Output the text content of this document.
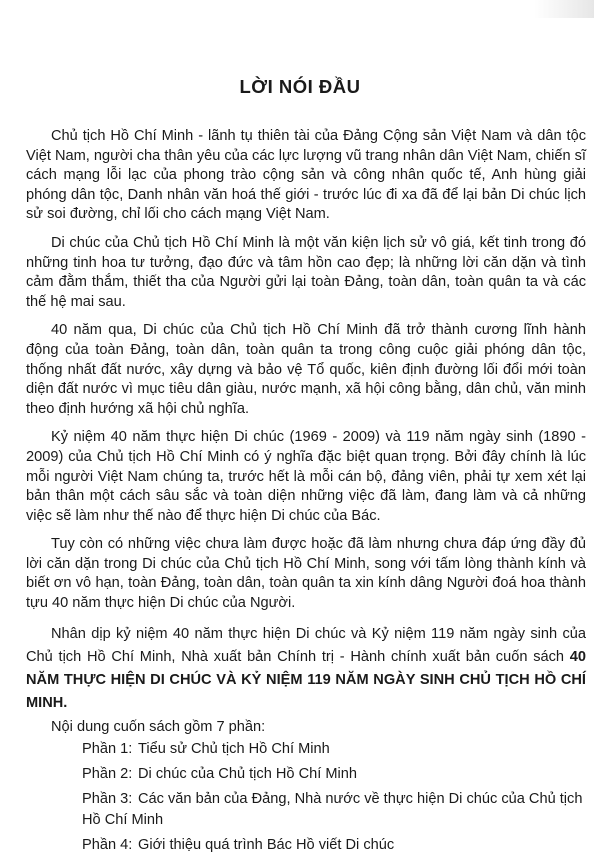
LỜI NÓI ĐẦU

Chủ tịch Hồ Chí Minh - lãnh tụ thiên tài của Đảng Cộng sản Việt Nam và dân tộc Việt Nam, người cha thân yêu của các lực lượng vũ trang nhân dân Việt Nam, chiến sĩ cách mạng lỗi lạc của phong trào cộng sản và công nhân quốc tế, Anh hùng giải phóng dân tộc, Danh nhân văn hoá thế giới - trước lúc đi xa đã để lại bản Di chúc lịch sử soi đường, chỉ lối cho cách mạng Việt Nam.

Di chúc của Chủ tịch Hồ Chí Minh là một văn kiện lịch sử vô giá, kết tinh trong đó những tinh hoa tư tưởng, đạo đức và tâm hồn cao đẹp; là những lời căn dặn và tình cảm đằm thắm, thiết tha của Người gửi lại toàn Đảng, toàn dân, toàn quân ta và các thế hệ mai sau.

40 năm qua, Di chúc của Chủ tịch Hồ Chí Minh đã trở thành cương lĩnh hành động của toàn Đảng, toàn dân, toàn quân ta trong công cuộc giải phóng dân tộc, thống nhất đất nước, xây dựng và bảo vệ Tổ quốc, kiên định đường lối đổi mới toàn diện đất nước vì mục tiêu dân giàu, nước mạnh, xã hội công bằng, dân chủ, văn minh theo định hướng xã hội chủ nghĩa.

Kỷ niệm 40 năm thực hiện Di chúc (1969 - 2009) và 119 năm ngày sinh (1890 - 2009) của Chủ tịch Hồ Chí Minh có ý nghĩa đặc biệt quan trọng. Bởi đây chính là lúc mỗi người Việt Nam chúng ta, trước hết là mỗi cán bộ, đảng viên, phải tự xem xét lại bản thân một cách sâu sắc và toàn diện những việc đã làm, đang làm và cả những việc sẽ làm như thế nào để thực hiện Di chúc của Bác.

Tuy còn có những việc chưa làm được hoặc đã làm nhưng chưa đáp ứng đầy đủ lời căn dặn trong Di chúc của Chủ tịch Hồ Chí Minh, song với tấm lòng thành kính và biết ơn vô hạn, toàn Đảng, toàn dân, toàn quân ta xin kính dâng Người đoá hoa thành tựu 40 năm thực hiện Di chúc của Người.

Nhân dịp kỷ niệm 40 năm thực hiện Di chúc và Kỷ niệm 119 năm ngày sinh của Chủ tịch Hồ Chí Minh, Nhà xuất bản Chính trị - Hành chính xuất bản cuốn sách 40 NĂM THỰC HIỆN DI CHÚC VÀ KỶ NIỆM 119 NĂM NGÀY SINH CHỦ TỊCH HỒ CHÍ MINH.

Nội dung cuốn sách gồm 7 phần:
Phần 1: Tiểu sử Chủ tịch Hồ Chí Minh
Phần 2: Di chúc của Chủ tịch Hồ Chí Minh
Phần 3: Các văn bản của Đảng, Nhà nước về thực hiện Di chúc của Chủ tịch Hồ Chí Minh
Phần 4: Giới thiệu quá trình Bác Hồ viết Di chúc
